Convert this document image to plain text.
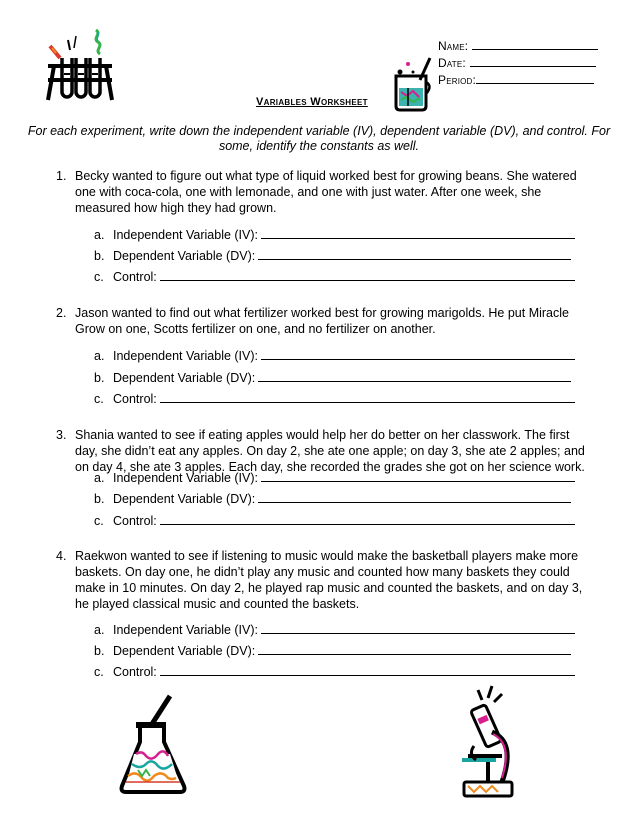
Name:
Date:
Period:
Variables Worksheet
For each experiment, write down the independent variable (IV), dependent variable (DV), and control. For some, identify the constants as well.
1. Becky wanted to figure out what type of liquid worked best for growing beans. She watered one with coca-cola, one with lemonade, and one with just water. After one week, she measured how high they had grown.
a. Independent Variable (IV):
b. Dependent Variable (DV):
c. Control:
2. Jason wanted to find out what fertilizer worked best for growing marigolds. He put Miracle Grow on one, Scotts fertilizer on one, and no fertilizer on another.
a. Independent Variable (IV):
b. Dependent Variable (DV):
c. Control:
3. Shania wanted to see if eating apples would help her do better on her classwork. The first day, she didn’t eat any apples. On day 2, she ate one apple; on day 3, she ate 2 apples; and on day 4, she ate 3 apples. Each day, she recorded the grades she got on her science work.
a. Independent Variable (IV):
b. Dependent Variable (DV):
c. Control:
4. Raekwon wanted to see if listening to music would make the basketball players make more baskets. On day one, he didn’t play any music and counted how many baskets they could make in 10 minutes. On day 2, he played rap music and counted the baskets, and on day 3, he played classical music and counted the baskets.
a. Independent Variable (IV):
b. Dependent Variable (DV):
c. Control:
